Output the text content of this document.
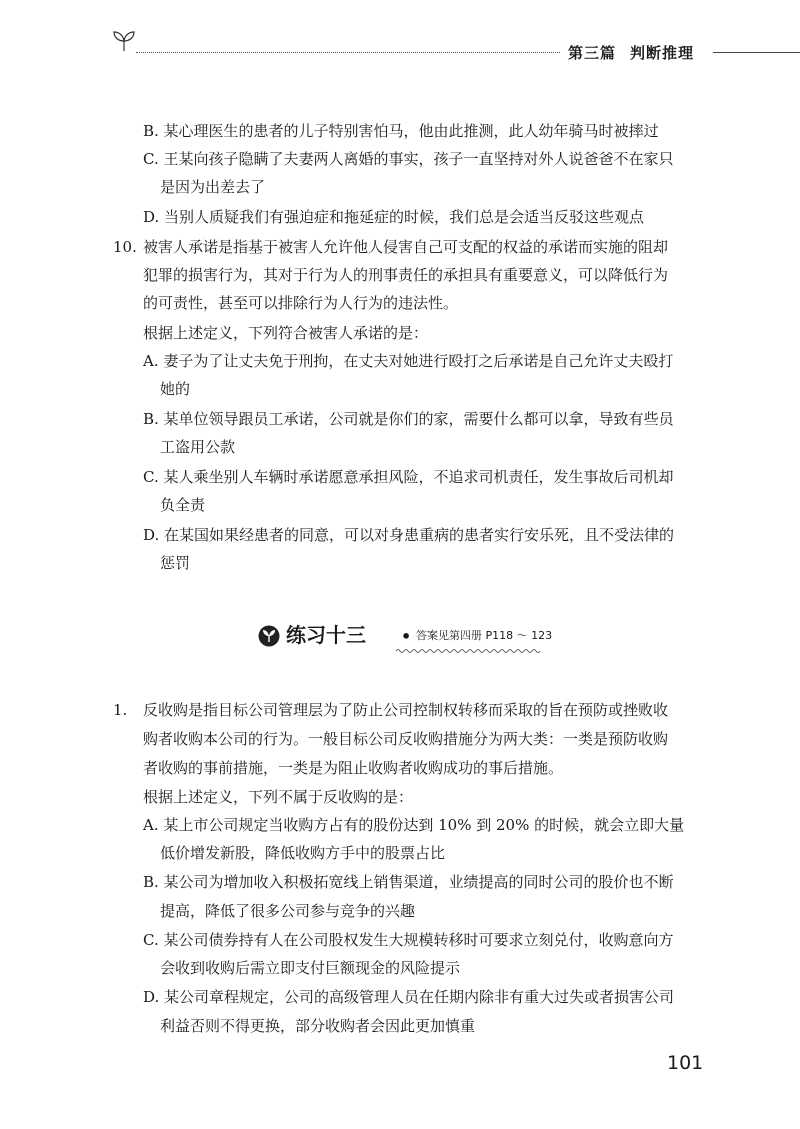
第三篇 判断推理
B. 某心理医生的患者的儿子特别害怕马，他由此推测，此人幼年骑马时被摔过
C. 王某向孩子隐瞒了夫妻两人离婚的事实，孩子一直坚持对外人说爸爸不在家只
是因为出差去了
D. 当别人质疑我们有强迫症和拖延症的时候，我们总是会适当反驳这些观点
10. 被害人承诺是指基于被害人允许他人侵害自己可支配的权益的承诺而实施的阻却
犯罪的损害行为，其对于行为人的刑事责任的承担具有重要意义，可以降低行为
的可责性，甚至可以排除行为人行为的违法性。
根据上述定义，下列符合被害人承诺的是：
A. 妻子为了让丈夫免于刑拘，在丈夫对她进行殴打之后承诺是自己允许丈夫殴打
她的
B. 某单位领导跟员工承诺，公司就是你们的家，需要什么都可以拿，导致有些员
工盗用公款
C. 某人乘坐别人车辆时承诺愿意承担风险，不追求司机责任，发生事故后司机却
负全责
D. 在某国如果经患者的同意，可以对身患重病的患者实行安乐死，且不受法律的
惩罚
练习十三 • 答案见第四册 P118 ～ 123
1. 反收购是指目标公司管理层为了防止公司控制权转移而采取的旨在预防或挫败收
购者收购本公司的行为。一般目标公司反收购措施分为两大类：一类是预防收购
者收购的事前措施，一类是为阻止收购者收购成功的事后措施。
根据上述定义，下列不属于反收购的是：
A. 某上市公司规定当收购方占有的股份达到 10% 到 20% 的时候，就会立即大量
低价增发新股，降低收购方手中的股票占比
B. 某公司为增加收入积极拓宽线上销售渠道，业绩提高的同时公司的股价也不断
提高，降低了很多公司参与竞争的兴趣
C. 某公司债券持有人在公司股权发生大规模转移时可要求立刻兑付，收购意向方
会收到收购后需立即支付巨额现金的风险提示
D. 某公司章程规定，公司的高级管理人员在任期内除非有重大过失或者损害公司
利益否则不得更换，部分收购者会因此更加慎重
101
